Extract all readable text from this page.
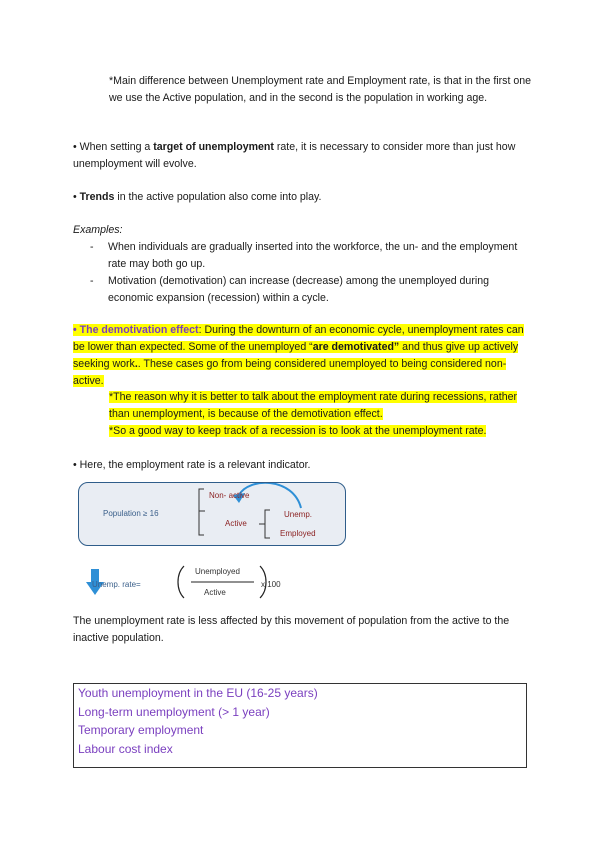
*Main difference between Unemployment rate and Employment rate, is that in the first one we use the Active population, and in the second is the population in working age.
• When setting a target of unemployment rate, it is necessary to consider more than just how unemployment will evolve.
• Trends in the active population also come into play.
Examples:
- When individuals are gradually inserted into the workforce, the un- and the employment rate may both go up.
- Motivation (demotivation) can increase (decrease) among the unemployed during economic expansion (recession) within a cycle.
• The demotivation effect: During the downturn of an economic cycle, unemployment rates can be lower than expected. Some of the unemployed “are demotivated” and thus give up actively seeking work.. These cases go from being considered unemployed to being considered non-active.
*The reason why it is better to talk about the employment rate during recessions, rather than unemployment, is because of the demotivation effect.
*So a good way to keep track of a recession is to look at the unemployment rate.
• Here, the employment rate is a relevant indicator.
Population ≥ 16
Non- active
Active
Unemp.
Employed
Unemp. rate=
Unemployed
Active
x 100
The unemployment rate is less affected by this movement of population from the active to the inactive population.
Youth unemployment in the EU (16-25 years)
Long-term unemployment (> 1 year)
Temporary employment
Labour cost index
